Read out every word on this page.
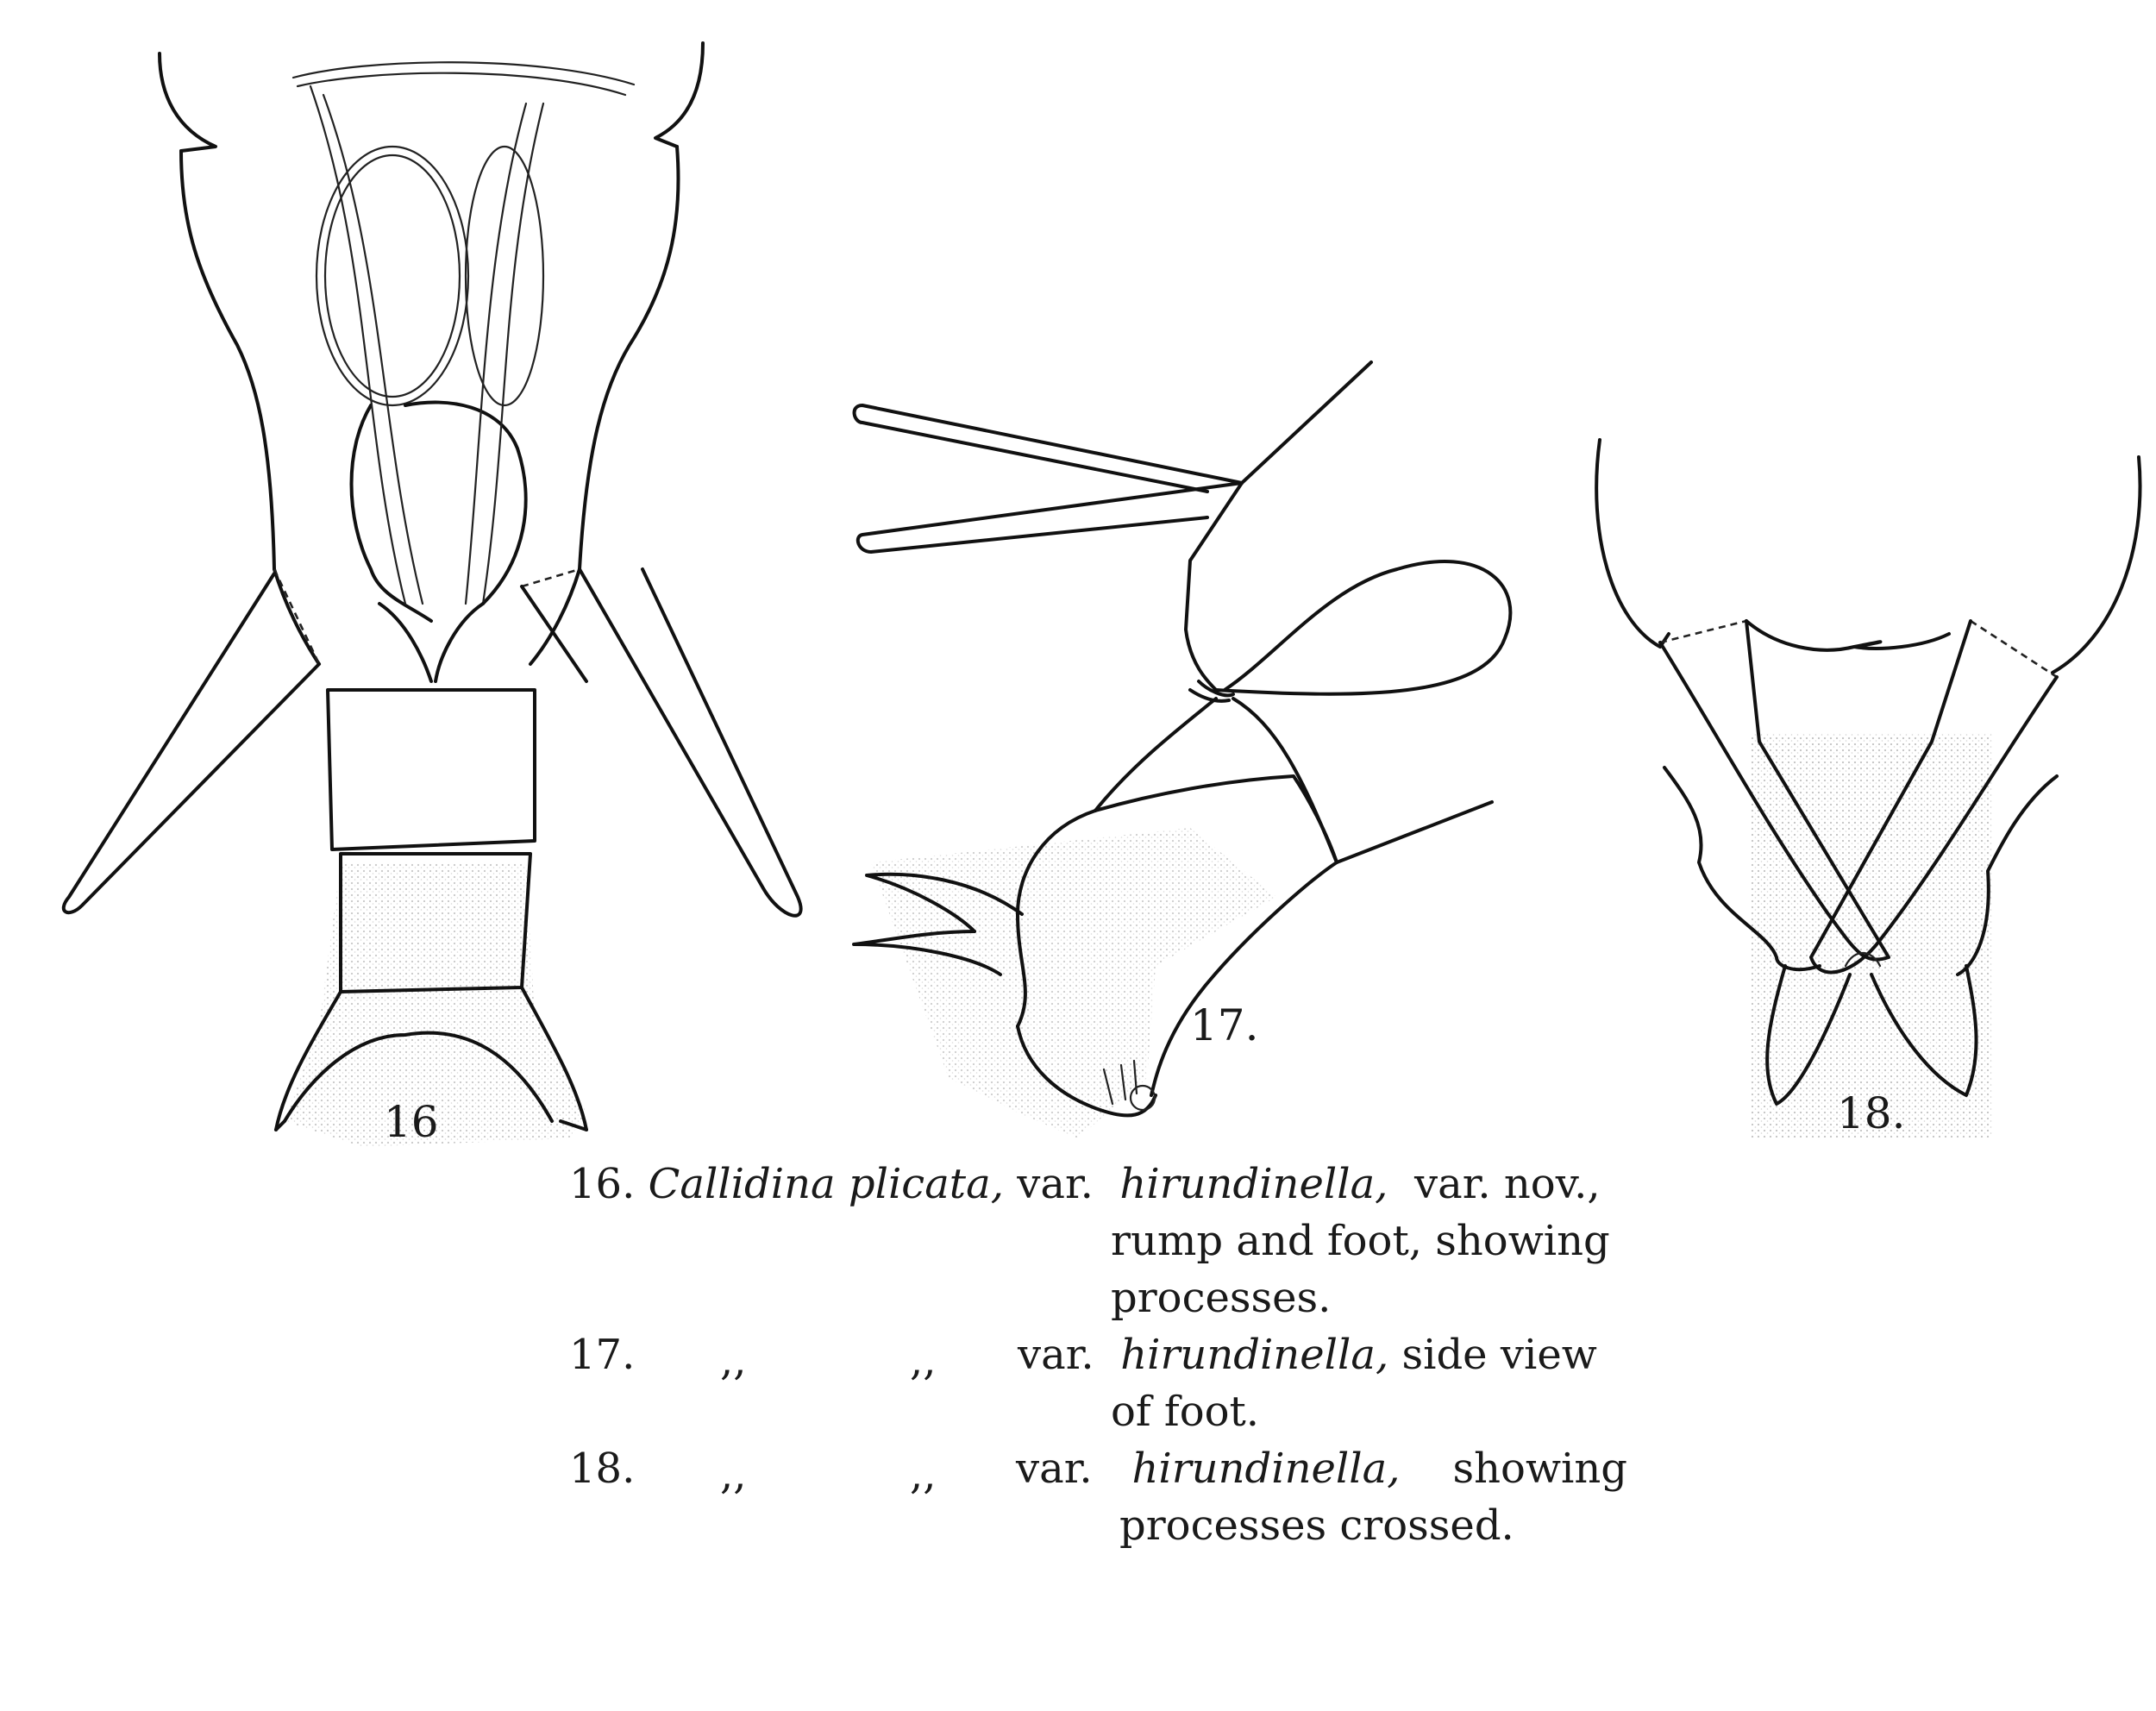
16
17.
18.
16. Callidina plicata, var. hirundinella, var. nov.,
rump and foot, showing
processes.
17. ,,	,, var. hirundinella, side view
of foot.
18. ,,	,, var. hirundinella, showing
processes crossed.
